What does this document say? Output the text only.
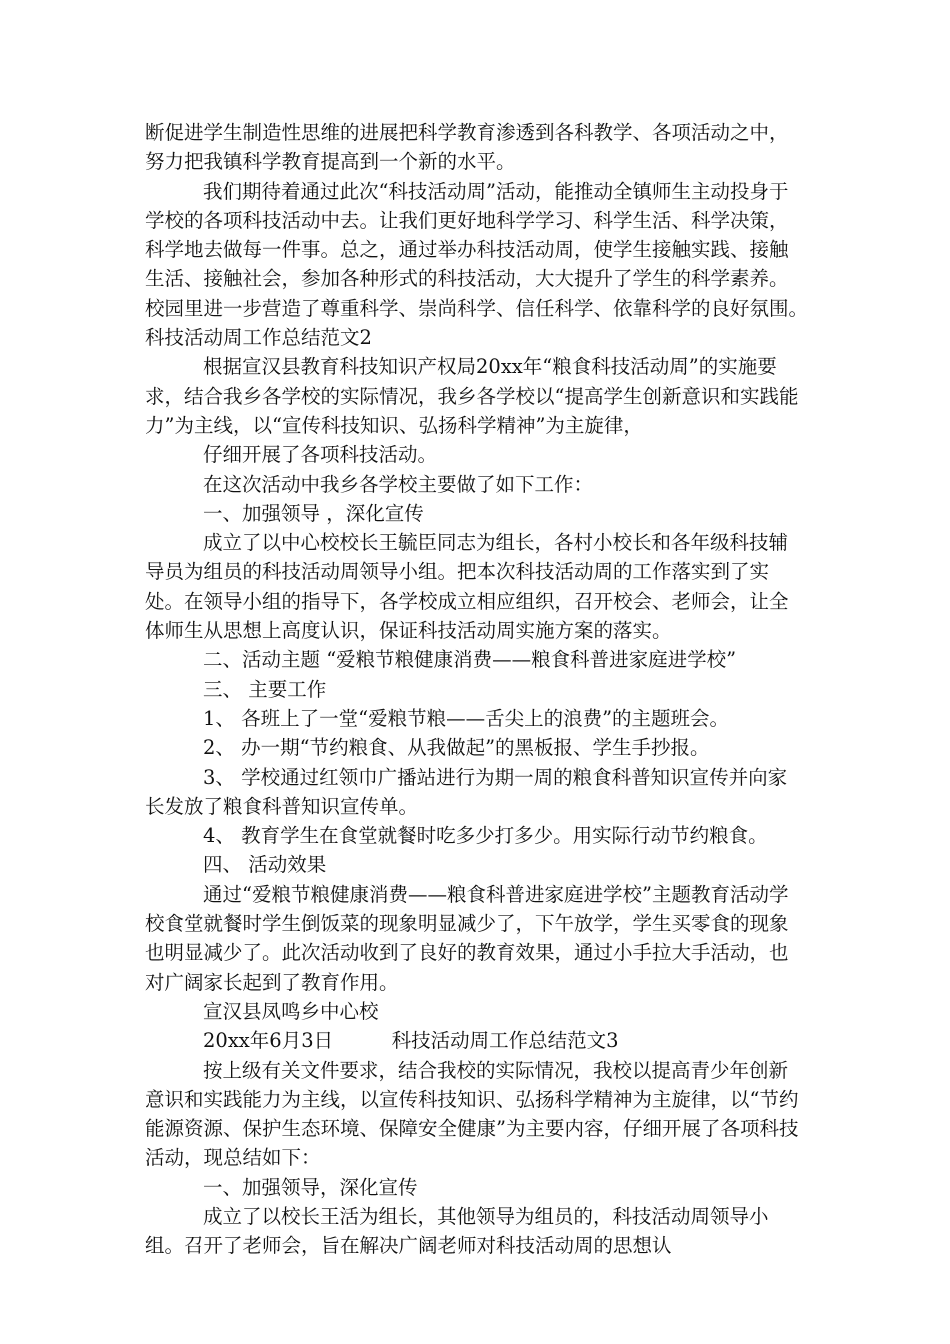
断促进学生制造性思维的进展把科学教育渗透到各科教学、各项活动之中，努力把我镇科学教育提高到一个新的水平。

我们期待着通过此次“科技活动周”活动，能推动全镇师生主动投身于学校的各项科技活动中去。让我们更好地科学学习、科学生活、科学决策，科学地去做每一件事。总之，通过举办科技活动周，使学生接触实践、接触生活、接触社会，参加各种形式的科技活动，大大提升了学生的科学素养。校园里进一步营造了尊重科学、崇尚科学、信任科学、依靠科学的良好氛围。　　科技活动周工作总结范文2

根据宣汉县教育科技知识产权局20xx年“粮食科技活动周”的实施要求，结合我乡各学校的实际情况，我乡各学校以“提高学生创新意识和实践能力”为主线，以“宣传科技知识、弘扬科学精神”为主旋律，

仔细开展了各项科技活动。

在这次活动中我乡各学校主要做了如下工作：

一、加强领导 ，深化宣传

成立了以中心校校长王毓臣同志为组长，各村小校长和各年级科技辅导员为组员的科技活动周领导小组。把本次科技活动周的工作落实到了实处。在领导小组的指导下，各学校成立相应组织，召开校会、老师会，让全体师生从思想上高度认识，保证科技活动周实施方案的落实。

二、活动主题 “爱粮节粮健康消费——粮食科普进家庭进学校”

三、 主要工作

1、 各班上了一堂“爱粮节粮——舌尖上的浪费”的主题班会。

2、 办一期“节约粮食、从我做起”的黑板报、学生手抄报。

3、 学校通过红领巾广播站进行为期一周的粮食科普知识宣传并向家长发放了粮食科普知识宣传单。

4、 教育学生在食堂就餐时吃多少打多少。用实际行动节约粮食。

四、 活动效果

通过“爱粮节粮健康消费——粮食科普进家庭进学校”主题教育活动学校食堂就餐时学生倒饭菜的现象明显减少了，下午放学，学生买零食的现象也明显减少了。此次活动收到了良好的教育效果，通过小手拉大手活动，也对广阔家长起到了教育作用。

宣汉县凤鸣乡中心校

20xx年6月3日　　　科技活动周工作总结范文3

按上级有关文件要求，结合我校的实际情况，我校以提高青少年创新意识和实践能力为主线，以宣传科技知识、弘扬科学精神为主旋律，以“节约能源资源、保护生态环境、保障安全健康”为主要内容，仔细开展了各项科技活动，现总结如下：

一、加强领导，深化宣传

成立了以校长王活为组长，其他领导为组员的，科技活动周领导小组。召开了老师会，旨在解决广阔老师对科技活动周的思想认
